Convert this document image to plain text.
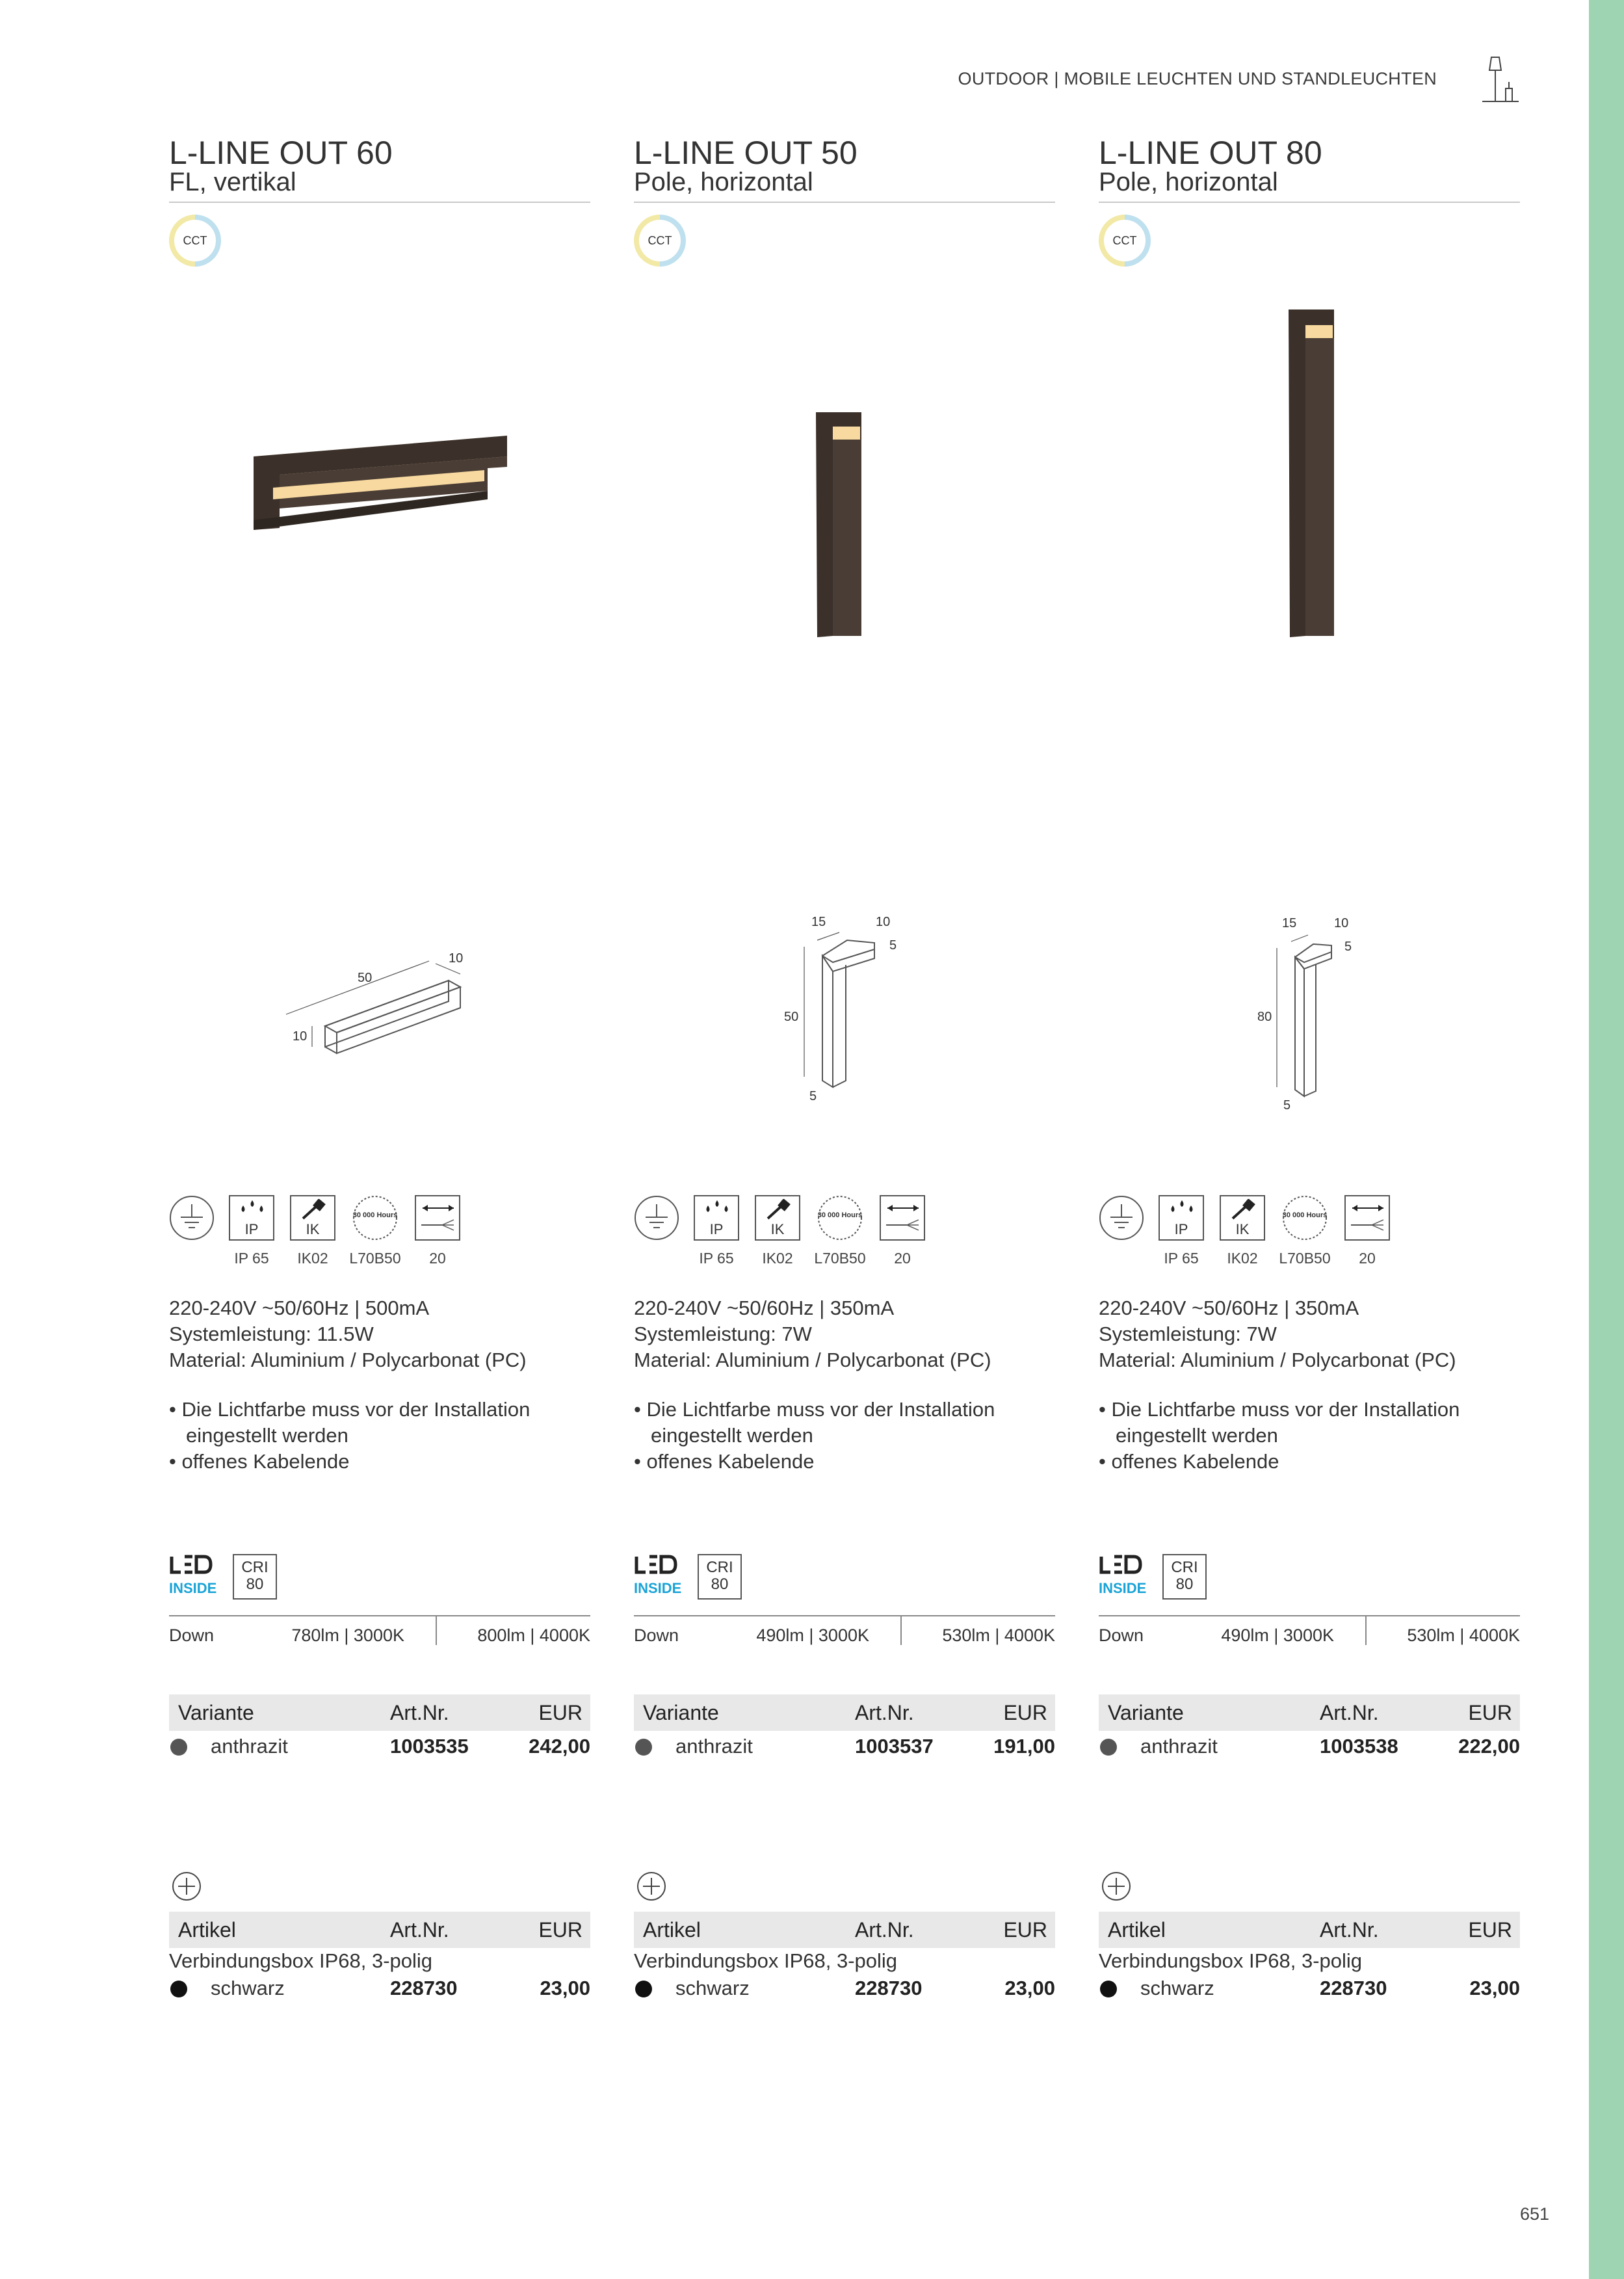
OUTDOOR | MOBILE LEUCHTEN UND STANDLEUCHTEN
L-LINE OUT 60
FL, vertikal
CCT
50
10
10
IP	IK
30 000 Hours
IP 65	IK02	L70B50	20
220-240V ~50/60Hz | 500mA
Systemleistung: 11.5W
Material: Aluminium / Polycarbonat (PC)
• Die Lichtfarbe muss vor der Installation eingestellt werden
• offenes Kabelende
INSIDE
CRI
80
Down	780lm | 3000K	800lm | 4000K
Variante	Art.Nr.	EUR
anthrazit	1003535	242,00
Artikel	Art.Nr.	EUR
Verbindungsbox IP68, 3-polig
schwarz	228730	23,00
L-LINE OUT 50
Pole, horizontal
CCT
15	10
5
50
5
IP	IK
30 000 Hours
IP 65	IK02	L70B50	20
220-240V ~50/60Hz | 350mA
Systemleistung: 7W
Material: Aluminium / Polycarbonat (PC)
• Die Lichtfarbe muss vor der Installation eingestellt werden
• offenes Kabelende
INSIDE
CRI
80
Down	490lm | 3000K	530lm | 4000K
Variante	Art.Nr.	EUR
anthrazit	1003537	191,00
Artikel	Art.Nr.	EUR
Verbindungsbox IP68, 3-polig
schwarz	228730	23,00
L-LINE OUT 80
Pole, horizontal
CCT
15	10
5
80
5
IP	IK
30 000 Hours
IP 65	IK02	L70B50	20
220-240V ~50/60Hz | 350mA
Systemleistung: 7W
Material: Aluminium / Polycarbonat (PC)
• Die Lichtfarbe muss vor der Installation eingestellt werden
• offenes Kabelende
INSIDE
CRI
80
Down	490lm | 3000K	530lm | 4000K
Variante	Art.Nr.	EUR
anthrazit	1003538	222,00
Artikel	Art.Nr.	EUR
Verbindungsbox IP68, 3-polig
schwarz	228730	23,00
651
